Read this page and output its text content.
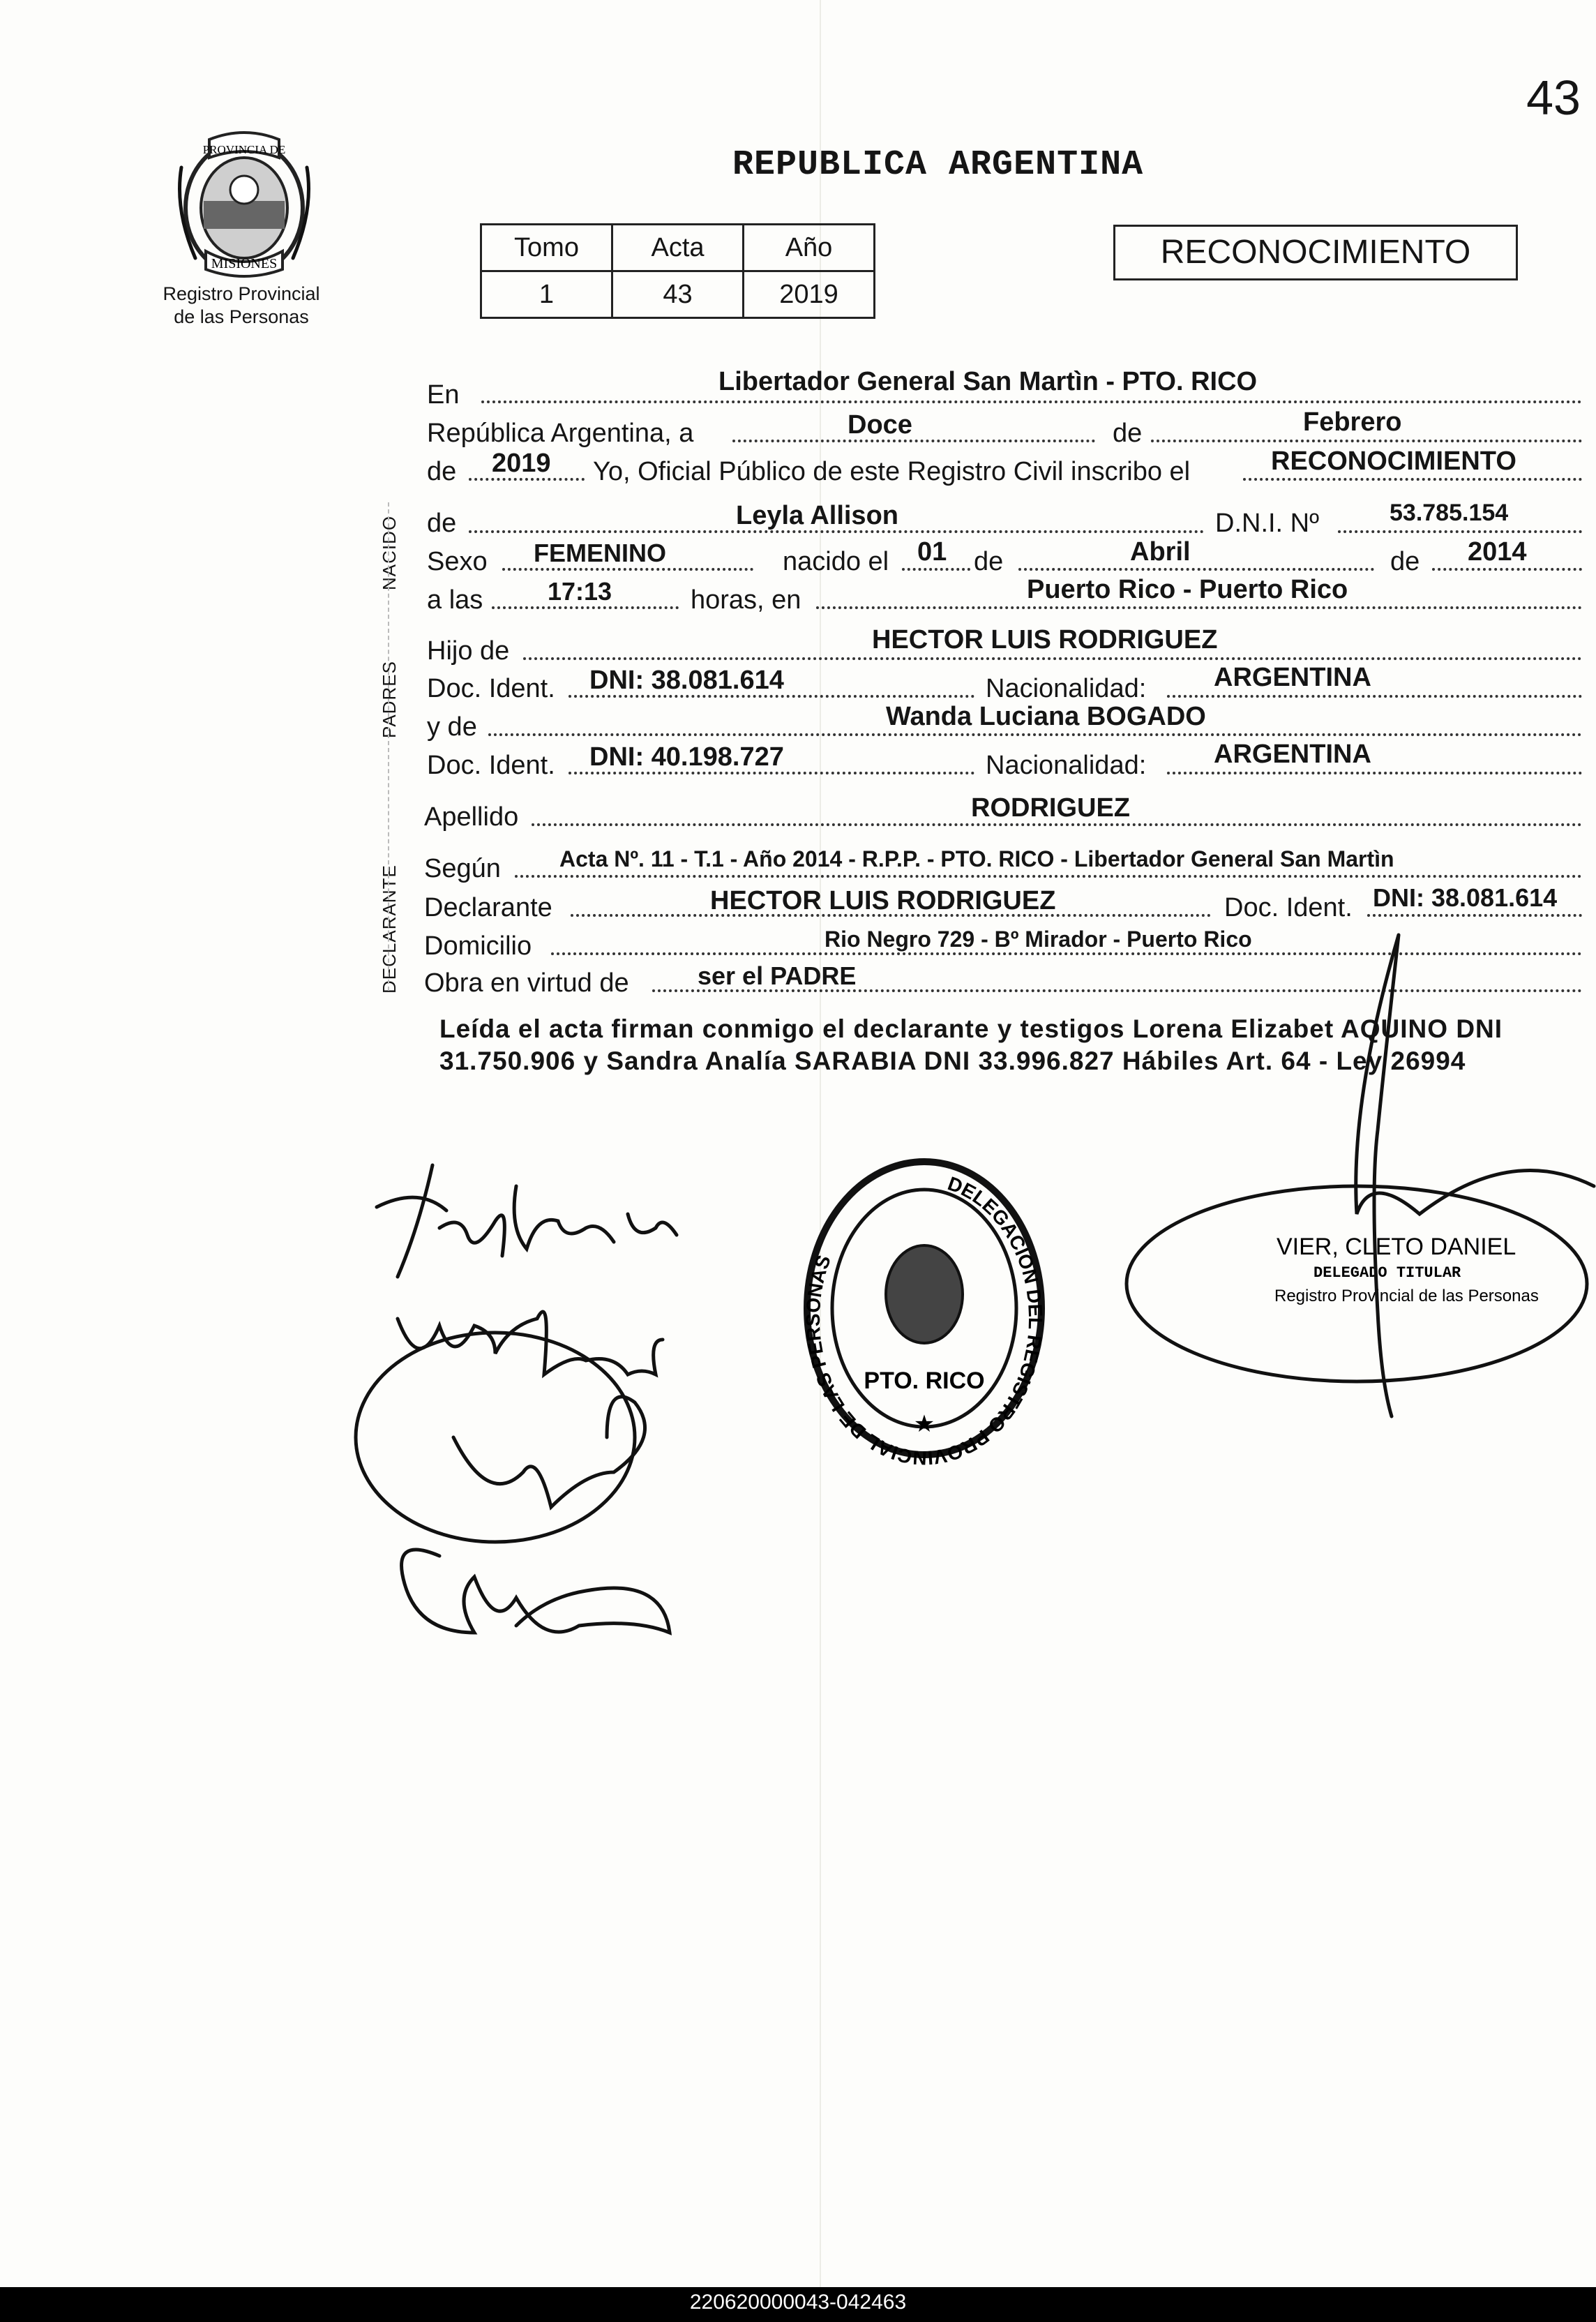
43
PROVINCIA DE
MISIONES
Registro Provincial
de las Personas
REPUBLICA ARGENTINA
Tomo	Acta	Año
1	43	2019
RECONOCIMIENTO
NACIDO
PADRES
DECLARANTE
En	Libertador General San Martìn - PTO. RICO
República Argentina, a	Doce	de	Febrero
de 2019 Yo, Oficial Público de este Registro Civil inscribo el	RECONOCIMIENTO
de	Leyla Allison	D.N.I. Nº	53.785.154
Sexo FEMENINO	nacido el 01 de	Abril	de 2014
a las	17:13	horas, en	Puerto Rico - Puerto Rico
Hijo de	HECTOR LUIS RODRIGUEZ
Doc. Ident. DNI: 38.081.614	Nacionalidad:	ARGENTINA
y de	Wanda Luciana BOGADO
Doc. Ident. DNI: 40.198.727	Nacionalidad:	ARGENTINA
Apellido	RODRIGUEZ
Según	Acta Nº. 11 - T.1 - Año 2014 - R.P.P. - PTO. RICO - Libertador General San Martìn
Declarante	HECTOR LUIS RODRIGUEZ	Doc. Ident. DNI: 38.081.614
Domicilio	Rio Negro 729 - Bº Mirador - Puerto Rico
Obra en virtud de	ser el PADRE
Leída el acta firman conmigo el declarante y testigos Lorena Elizabet AQUINO DNI 31.750.906 y Sandra Analía SARABIA DNI 33.996.827 Hábiles Art. 64 - Ley 26994
DELEGACION DEL REGISTRO PROVINCIAL DE LAS PERSONAS
PTO. RICO
★
VIER, CLETO DANIEL
DELEGADO TITULAR
Registro Provincial de las Personas
220620000043-042463
